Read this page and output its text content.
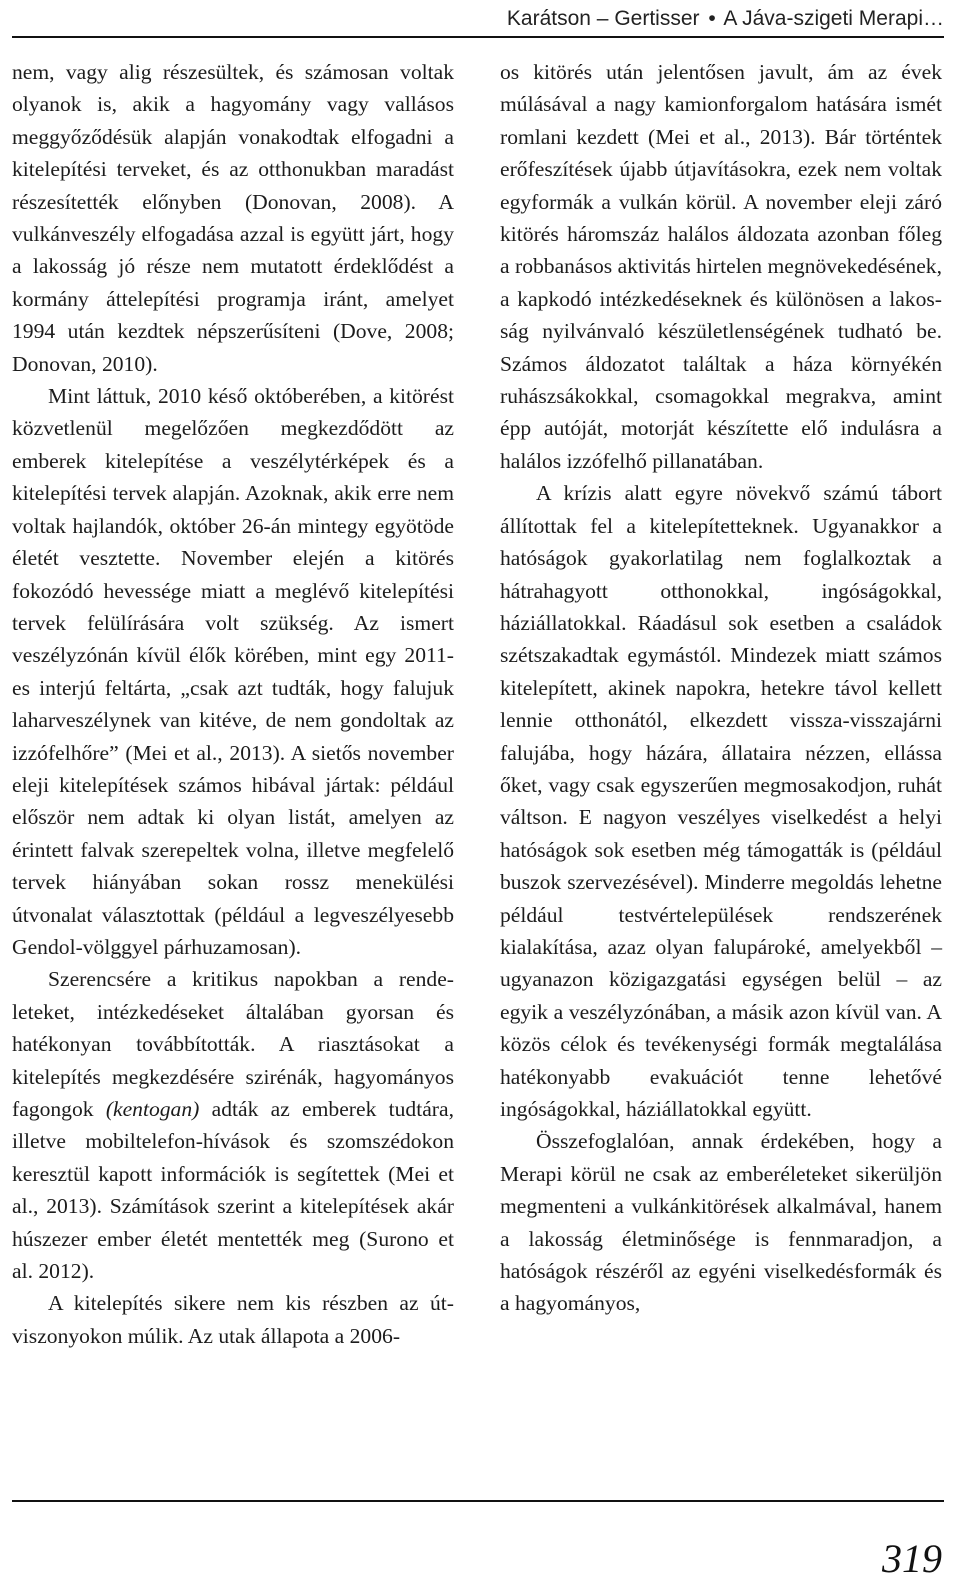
Karátson – Gertisser • A Jáva-szigeti Merapi…

nem, vagy alig részesültek, és számosan voltak olyanok is, akik a hagyomány vagy vallásos meggyőződésük alapján vonakodtak elfogadni a kitelepítési terveket, és az otthonukban maradást részesítették előnyben (Donovan, 2008). A vulkánveszély elfogadása azzal is együtt járt, hogy a lakosság jó része nem mutatott érdeklődést a kormány áttelepítési programja iránt, amelyet 1994 után kezdtek népszerűsíteni (Dove, 2008; Donovan, 2010).

Mint láttuk, 2010 késő októberében, a kitörést közvetlenül megelőzően megkezdődött az emberek kitelepítése a veszélytérképek és a kitelepítési tervek alapján. Azoknak, akik erre nem voltak hajlandók, október 26-án mintegy egyötöde életét vesztette. November elején a kitörés fokozódó hevessége miatt a meglévő kitelepítési tervek felülírására volt szükség. Az ismert veszélyzónán kívül élők körében, mint egy 2011-es interjú feltárta, „csak azt tudták, hogy falujuk laharveszélynek van kitéve, de nem gondoltak az izzófelhőre” (Mei et al., 2013). A sietős november eleji kitelepítések számos hibával jártak: például először nem adtak ki olyan listát, amelyen az érintett falvak szerepeltek volna, illetve megfelelő tervek hiányában sokan rossz menekülési útvonalat választottak (például a legveszélyesebb Gendol-völggyel párhuzamosan).

Szerencsére a kritikus napokban a rendeleteket, intézkedéseket általában gyorsan és hatékonyan továbbították. A riasztásokat a kitelepítés megkezdésére szirénák, hagyományos fagongok (kentogan) adták az emberek tudtára, illetve mobiltelefon-hívások és szomszédokon keresztül kapott információk is segítettek (Mei et al., 2013). Számítások szerint a kitelepítések akár húszezer ember életét mentették meg (Surono et al. 2012).

A kitelepítés sikere nem kis részben az útviszonyokon múlik. Az utak állapota a 2006-

os kitörés után jelentősen javult, ám az évek múlásával a nagy kamionforgalom hatására ismét romlani kezdett (Mei et al., 2013). Bár történtek erőfeszítések újabb útjavításokra, ezek nem voltak egyformák a vulkán körül. A november eleji záró kitörés háromszáz halálos áldozata azonban főleg a robbanásos aktivitás hirtelen megnövekedésének, a kapkodó intézkedéseknek és különösen a lakosság nyilvánvaló készületlenségének tudható be. Számos áldozatot találtak a háza környékén ruhászsákokkal, csomagokkal megrakva, amint épp autóját, motorját készítette elő indulásra a halálos izzófelhő pillanatában.

A krízis alatt egyre növekvő számú tábort állítottak fel a kitelepítetteknek. Ugyanakkor a hatóságok gyakorlatilag nem foglalkoztak a hátrahagyott otthonokkal, ingóságokkal, háziállatokkal. Ráadásul sok esetben a családok szétszakadtak egymástól. Mindezek miatt számos kitelepített, akinek napokra, hetekre távol kellett lennie otthonától, elkezdett vissza-visszajárni falujába, hogy házára, állataira nézzen, ellássa őket, vagy csak egyszerűen megmosakodjon, ruhát váltson. E nagyon veszélyes viselkedést a helyi hatóságok sok esetben még támogatták is (például buszok szervezésével). Minderre megoldás lehetne például testvértelepülések rendszerének kialakítása, azaz olyan falupároké, amelyekből – ugyanazon közigazgatási egységen belül – az egyik a veszélyzónában, a másik azon kívül van. A közös célok és tevékenységi formák megtalálása hatékonyabb evakuációt tenne lehetővé ingóságokkal, háziállatokkal együtt.

Összefoglalóan, annak érdekében, hogy a Merapi körül ne csak az emberéleteket sikerüljön megmenteni a vulkánkitörések alkalmával, hanem a lakosság életminősége is fennmaradjon, a hatóságok részéről az egyéni viselkedésformák és a hagyományos,

319
